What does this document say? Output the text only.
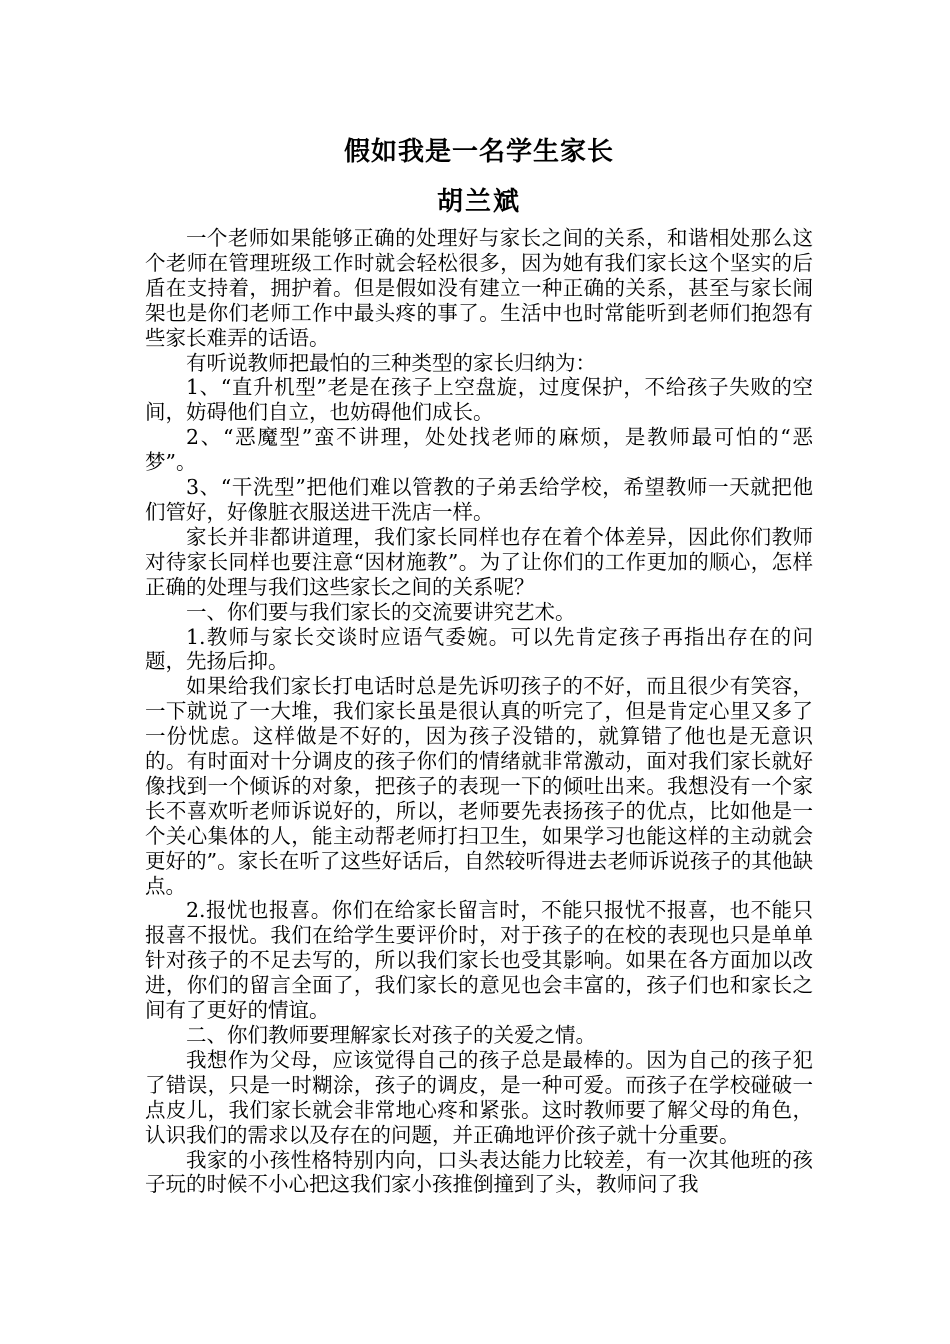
假如我是一名学生家长
胡兰斌

一个老师如果能够正确的处理好与家长之间的关系，和谐相处那么这个老师在管理班级工作时就会轻松很多，因为她有我们家长这个坚实的后盾在支持着，拥护着。但是假如没有建立一种正确的关系，甚至与家长闹架也是你们老师工作中最头疼的事了。生活中也时常能听到老师们抱怨有些家长难弄的话语。

有听说教师把最怕的三种类型的家长归纳为：

1、“直升机型”老是在孩子上空盘旋，过度保护，不给孩子失败的空间，妨碍他们自立，也妨碍他们成长。

2、“恶魔型”蛮不讲理，处处找老师的麻烦，是教师最可怕的“恶梦”。

3、“干洗型”把他们难以管教的子弟丢给学校，希望教师一天就把他们管好，好像脏衣服送进干洗店一样。

家长并非都讲道理，我们家长同样也存在着个体差异，因此你们教师对待家长同样也要注意“因材施教”。为了让你们的工作更加的顺心，怎样正确的处理与我们这些家长之间的关系呢？

一、你们要与我们家长的交流要讲究艺术。

1.教师与家长交谈时应语气委婉。可以先肯定孩子再指出存在的问题，先扬后抑。

如果给我们家长打电话时总是先诉叨孩子的不好，而且很少有笑容，一下就说了一大堆，我们家长虽是很认真的听完了，但是肯定心里又多了一份忧虑。这样做是不好的，因为孩子没错的，就算错了他也是无意识的。有时面对十分调皮的孩子你们的情绪就非常激动，面对我们家长就好像找到一个倾诉的对象，把孩子的表现一下的倾吐出来。我想没有一个家长不喜欢听老师诉说好的，所以，老师要先表扬孩子的优点，比如他是一个关心集体的人，能主动帮老师打扫卫生，如果学习也能这样的主动就会更好的”。家长在听了这些好话后，自然较听得进去老师诉说孩子的其他缺点。

2.报忧也报喜。你们在给家长留言时，不能只报忧不报喜，也不能只报喜不报忧。我们在给学生要评价时，对于孩子的在校的表现也只是单单针对孩子的不足去写的，所以我们家长也受其影响。如果在各方面加以改进，你们的留言全面了，我们家长的意见也会丰富的，孩子们也和家长之间有了更好的情谊。

二、你们教师要理解家长对孩子的关爱之情。

我想作为父母，应该觉得自己的孩子总是最棒的。因为自己的孩子犯了错误，只是一时糊涂，孩子的调皮，是一种可爱。而孩子在学校碰破一点皮儿，我们家长就会非常地心疼和紧张。这时教师要了解父母的角色，认识我们的需求以及存在的问题，并正确地评价孩子就十分重要。

我家的小孩性格特别内向，口头表达能力比较差，有一次其他班的孩子玩的时候不小心把这我们家小孩推倒撞到了头，教师问了我
